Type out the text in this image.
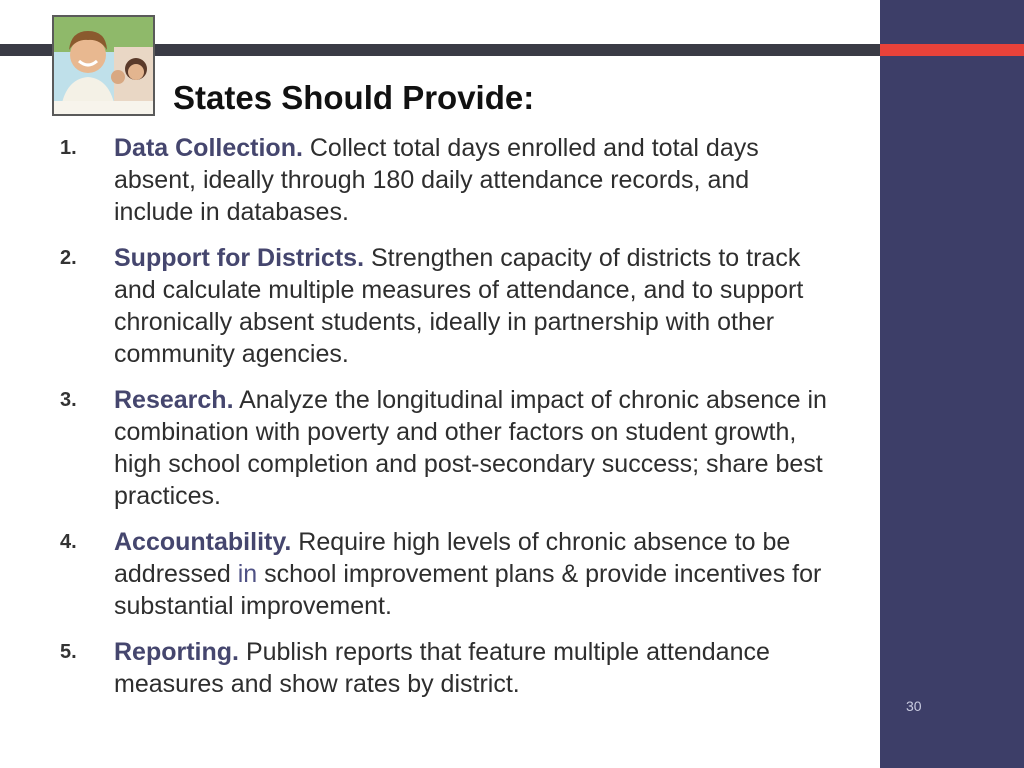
States Should Provide:
1. Data Collection. Collect total days enrolled and total days absent, ideally through 180 daily attendance records, and include in databases.
2. Support for Districts. Strengthen capacity of districts to track and calculate multiple measures of attendance, and to support chronically absent students, ideally in partnership with other community agencies.
3. Research. Analyze the longitudinal impact of chronic absence in combination with poverty and other factors on student growth, high school completion and post-secondary success; share best practices.
4. Accountability. Require high levels of chronic absence to be addressed in school improvement plans & provide incentives for substantial improvement.
5. Reporting. Publish reports that feature multiple attendance measures and show rates by district.
30
